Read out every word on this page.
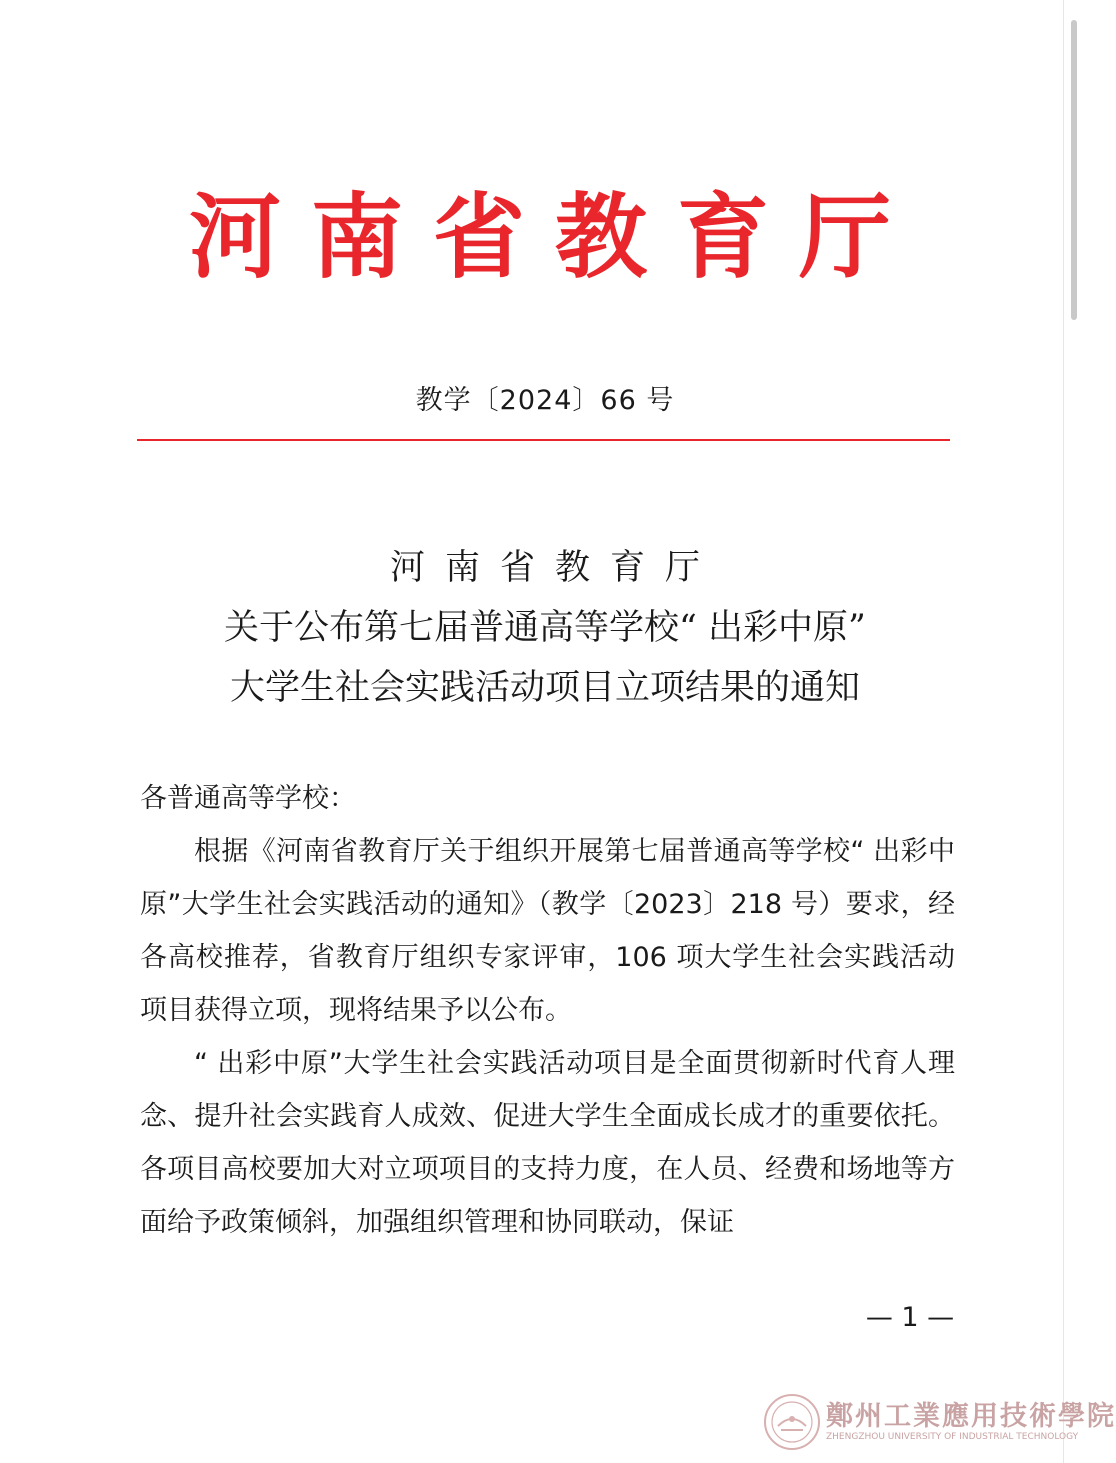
河南省教育厅
教学〔2024〕66 号
河南省教育厅
关于公布第七届普通高等学校“ 出彩中原”
大学生社会实践活动项目立项结果的通知

各普通高等学校：

根据《河南省教育厅关于组织开展第七届普通高等学校“ 出彩中原”大学生社会实践活动的通知》（教学〔2023〕218 号）要求，经各高校推荐，省教育厅组织专家评审，106 项大学生社会实践活动项目获得立项，现将结果予以公布。

“ 出彩中原”大学生社会实践活动项目是全面贯彻新时代育人理念、提升社会实践育人成效、促进大学生全面成长成才的重要依托。各项目高校要加大对立项项目的支持力度，在人员、经费和场地等方面给予政策倾斜，加强组织管理和协同联动，保证

— 1 —
鄭州工業應用技術學院
ZHENGZHOU UNIVERSITY OF INDUSTRIAL TECHNOLOGY
